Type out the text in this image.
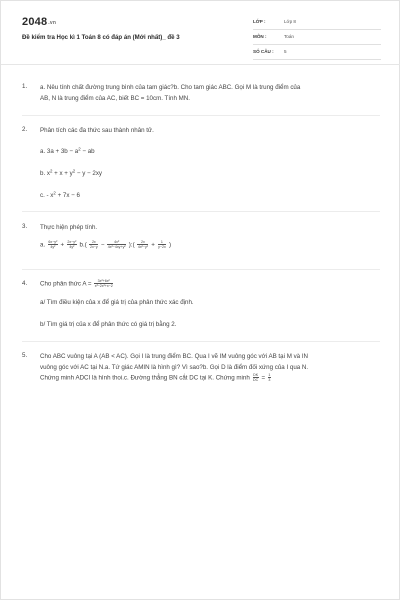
2048.vn
Đề kiểm tra Học kì 1 Toán 8 có đáp án (Mới nhất)_ đề 3
LỚP :	Lớp 8
MÔN :	Toán
SỐ CÂU : 5
1. a. Nêu tính chất đường trung bình của tam giác?b. Cho tam giác ABC. Gọi M là trung điểm của
AB, N là trung điểm của AC, biết BC = 10cm. Tính MN.
2. Phân tích các đa thức sau thành nhân tử.
a. $3a + 3b - a^2$ − ab
b. $x^2 + x + y^2 - y - 2xy$
c. - $x^2 + 7x - 6$
3. Thực hiện phép tính.
a. $\frac{\text{6x−y²}}{\text{4y²}} + \frac{\text{2x−y²}}{\text{4y²}} b.( \frac{2x}{2x-y} - \frac{\text{4x²}}{\text{4x²−4xy+y²}}$ ):( $\frac{2x}{\text{4x²−y²}} + \frac{1}{y-2x}$ )
4. Cho phân thức $A = \frac{\text{3x²+6x²}}{\text{x³−2x²+x−2}}$
a/ Tìm điều kiện của x để giá trị của phân thức xác định.
b/ Tìm giá trị của x để phân thức có giá trị bằng 2.
5. Cho ABC vuông tại A (AB < AC). Gọi I là trung điểm BC. Qua I vẽ IM vuông góc với AB tại M và IN
vuông góc với AC tại N.a. Tứ giác AMIN là hình gì? Vì sao?b. Gọi D là điểm đối xứng của I qua N.
Chứng minh ADCI là hình thoi.c. Đường thẳng BN cắt DC tại K. Chứng minh $\frac{DK}{DC} = \frac{1}{3}$
